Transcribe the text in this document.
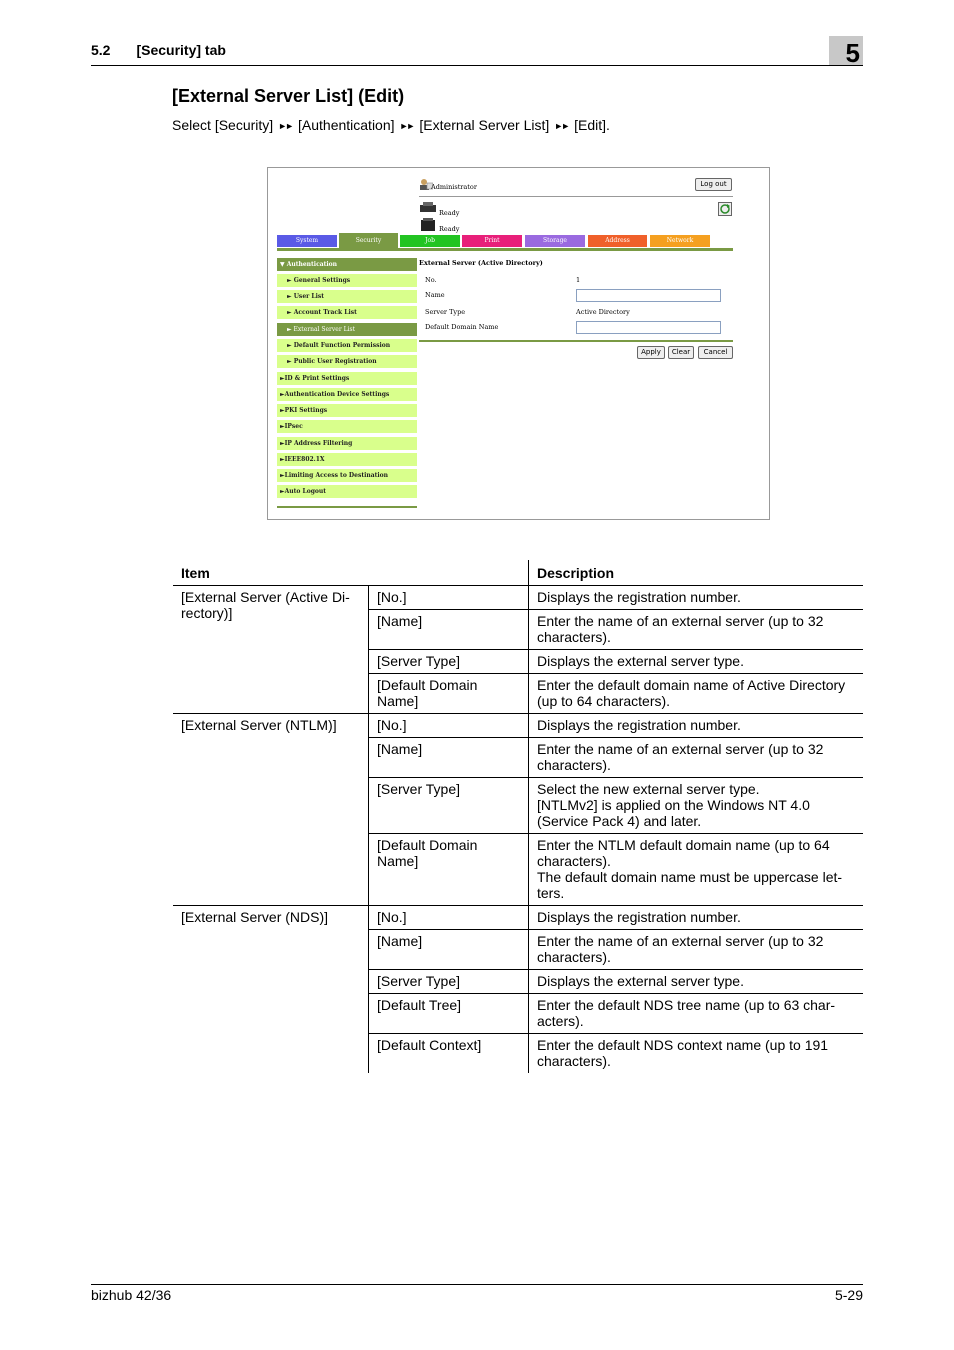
5.2 [Security] tab	5
[External Server List] (Edit)
Select [Security] ►► [Authentication] ►► [External Server List] ►► [Edit].
Administrator	Log out
Ready
Ready
System	Security	Job	Print	Storage	Address	Network
▼ Authentication
► General Settings
► User List
► Account Track List
► External Server List
► Default Function Permission
► Public User Registration
►ID & Print Settings
►Authentication Device Settings
►PKI Settings
►IPsec
►IP Address Filtering
►IEEE802.1X
►Limiting Access to Destination
►Auto Logout
External Server (Active Directory)
No.	1
Name
Server Type	Active Directory
Default Domain Name
Apply	Clear	Cancel
Item		Description
[External Server (Active Di-rectory)]	[No.]	Displays the registration number.
	[Name]	Enter the name of an external server (up to 32 characters).
	[Server Type]	Displays the external server type.
	[Default Domain Name]	Enter the default domain name of Active Directory (up to 64 characters).
[External Server (NTLM)]	[No.]	Displays the registration number.
	[Name]	Enter the name of an external server (up to 32 characters).
	[Server Type]	Select the new external server type.
[NTLMv2] is applied on the Windows NT 4.0 (Service Pack 4) and later.
	[Default Domain Name]	Enter the NTLM default domain name (up to 64 characters).
The default domain name must be uppercase let-ters.
[External Server (NDS)]	[No.]	Displays the registration number.
	[Name]	Enter the name of an external server (up to 32 characters).
	[Server Type]	Displays the external server type.
	[Default Tree]	Enter the default NDS tree name (up to 63 char-acters).
	[Default Context]	Enter the default NDS context name (up to 191 characters).
bizhub 42/36	5-29
